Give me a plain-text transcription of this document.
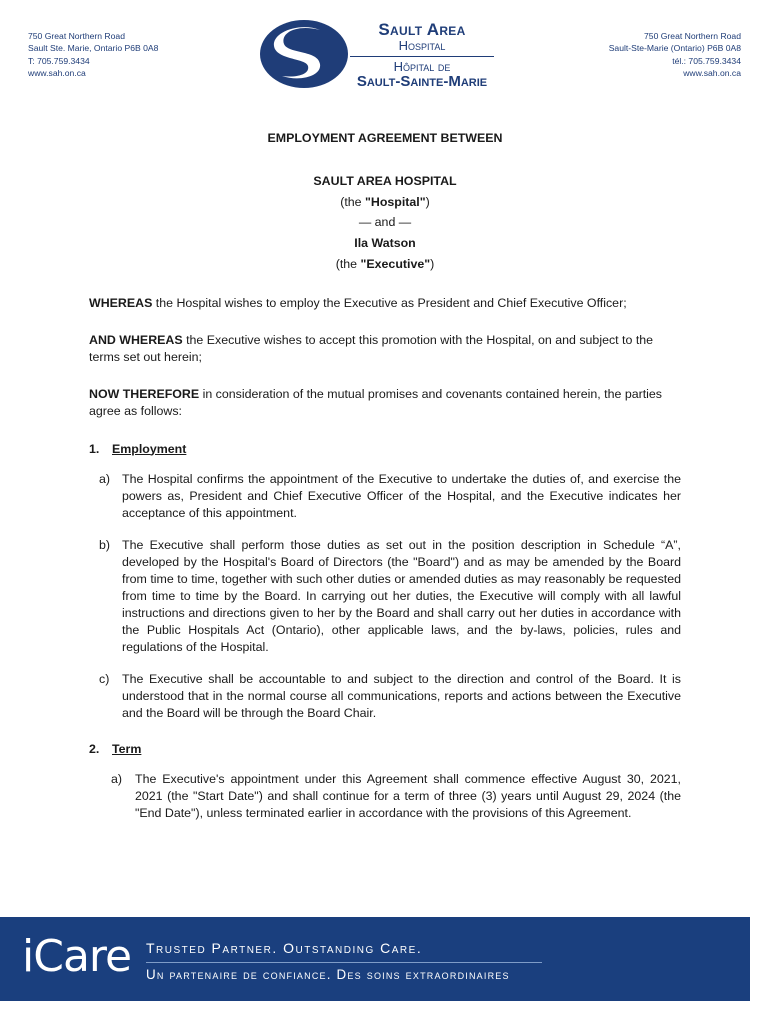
750 Great Northern Road
Sault Ste. Marie, Ontario P6B 0A8
T: 705.759.3434
www.sah.on.ca
750 Great Northern Road
Sault-Ste-Marie (Ontario) P6B 0A8
tél.: 705.759.3434
www.sah.on.ca
Sault Area
Hospital
Hôpital de
Sault-Sainte-Marie
EMPLOYMENT AGREEMENT BETWEEN
SAULT AREA HOSPITAL
(the "Hospital")
— and —
Ila Watson
(the "Executive")

WHEREAS the Hospital wishes to employ the Executive as President and Chief Executive Officer;

AND WHEREAS the Executive wishes to accept this promotion with the Hospital, on and subject to the terms set out herein;

NOW THEREFORE in consideration of the mutual promises and covenants contained herein, the parties agree as follows:

1. Employment
a) The Hospital confirms the appointment of the Executive to undertake the duties of, and exercise the powers as, President and Chief Executive Officer of the Hospital, and the Executive indicates her acceptance of this appointment.
b) The Executive shall perform those duties as set out in the position description in Schedule “A”, developed by the Hospital's Board of Directors (the "Board") and as may be amended by the Board from time to time, together with such other duties or amended duties as may reasonably be requested from time to time by the Board. In carrying out her duties, the Executive will comply with all lawful instructions and directions given to her by the Board and shall carry out her duties in accordance with the Public Hospitals Act (Ontario), other applicable laws, and the by-laws, policies, rules and regulations of the Hospital.
c) The Executive shall be accountable to and subject to the direction and control of the Board. It is understood that in the normal course all communications, reports and actions between the Executive and the Board will be through the Board Chair.
2. Term
a) The Executive's appointment under this Agreement shall commence effective August 30, 2021, 2021 (the "Start Date") and shall continue for a term of three (3) years until August 29, 2024 (the "End Date"), unless terminated earlier in accordance with the provisions of this Agreement.
iCare Trusted Partner. Outstanding Care.
Un partenaire de confiance. Des soins extraordinaires
